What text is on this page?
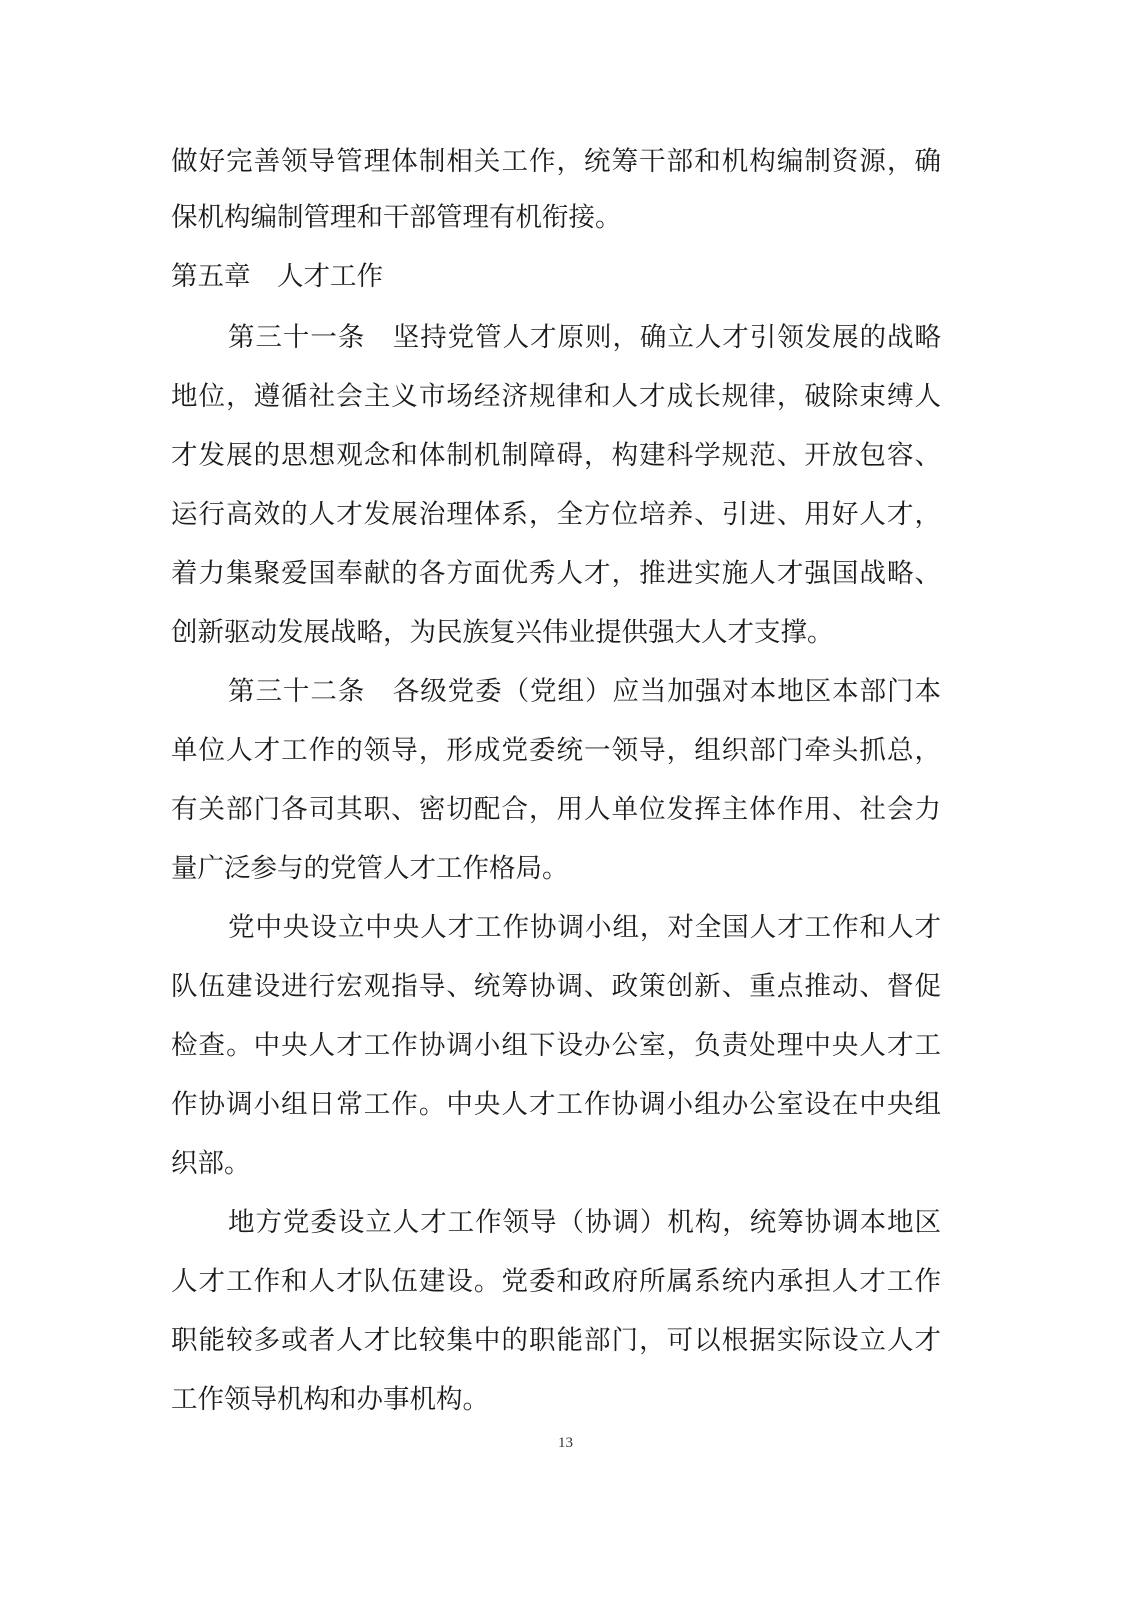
做好完善领导管理体制相关工作，统筹干部和机构编制资源，确
保机构编制管理和干部管理有机衔接。
第五章　人才工作
第三十一条　坚持党管人才原则，确立人才引领发展的战略
地位，遵循社会主义市场经济规律和人才成长规律，破除束缚人
才发展的思想观念和体制机制障碍，构建科学规范、开放包容、
运行高效的人才发展治理体系，全方位培养、引进、用好人才，
着力集聚爱国奉献的各方面优秀人才，推进实施人才强国战略、
创新驱动发展战略，为民族复兴伟业提供强大人才支撑。
第三十二条　各级党委（党组）应当加强对本地区本部门本
单位人才工作的领导，形成党委统一领导，组织部门牵头抓总，
有关部门各司其职、密切配合，用人单位发挥主体作用、社会力
量广泛参与的党管人才工作格局。
党中央设立中央人才工作协调小组，对全国人才工作和人才
队伍建设进行宏观指导、统筹协调、政策创新、重点推动、督促
检查。中央人才工作协调小组下设办公室，负责处理中央人才工
作协调小组日常工作。中央人才工作协调小组办公室设在中央组
织部。
地方党委设立人才工作领导（协调）机构，统筹协调本地区
人才工作和人才队伍建设。党委和政府所属系统内承担人才工作
职能较多或者人才比较集中的职能部门，可以根据实际设立人才
工作领导机构和办事机构。
13
